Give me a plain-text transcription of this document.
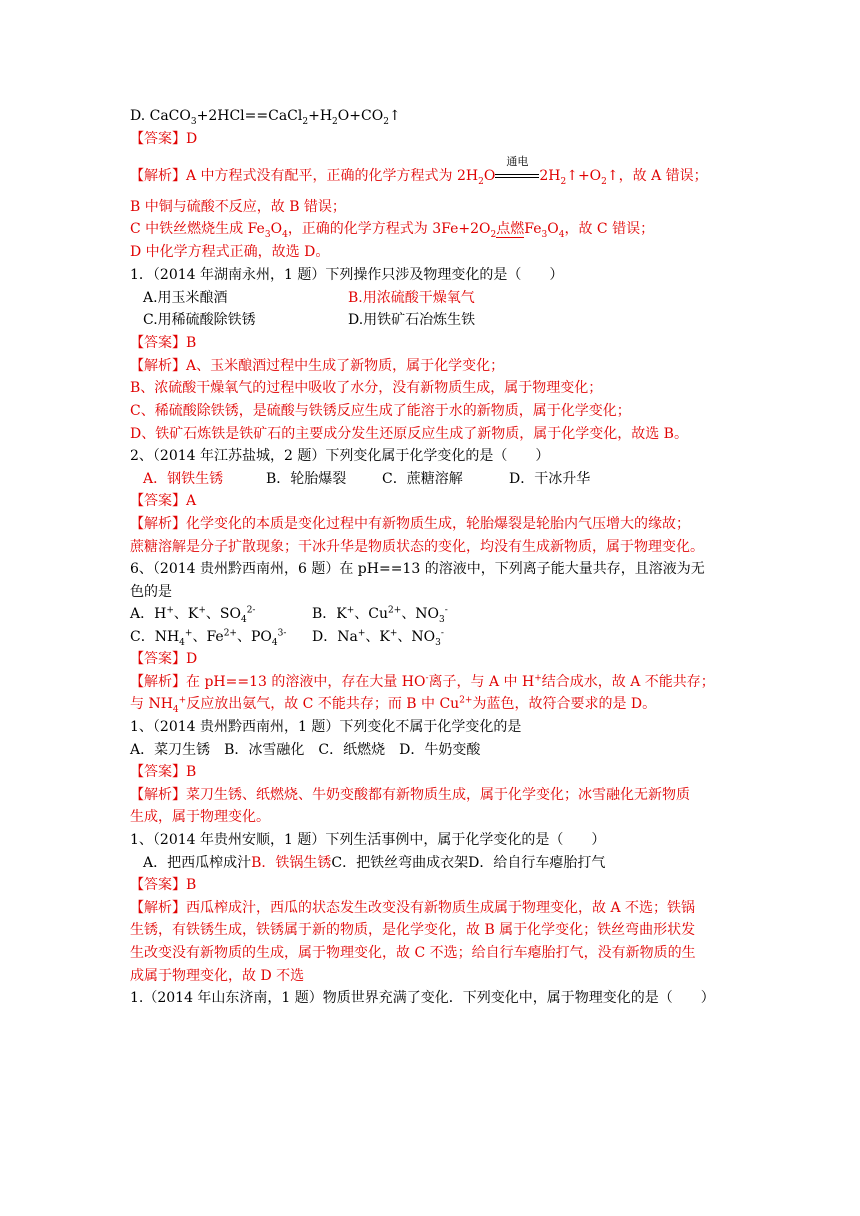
D. $CaCO_3+2HCl==CaCl_2+H_2O+CO_2↑$
【答案】D
【解析】A 中方程式没有配平，正确的化学方程式为 $2H_2O$
通电
$2H_2↑+O_2↑$，故 A 错误；
B 中铜与硫酸不反应，故 B 错误；
C 中铁丝燃烧生成 $Fe_3O_4$，正确的化学方程式为 $3Fe+2O_2$点燃$Fe_3O_4$，故 C 错误；
D 中化学方程式正确，故选 D。
1．（2014 年湖南永州，1 题）下列操作只涉及物理变化的是（　　）
A.用玉米酿酒	B.用浓硫酸干燥氧气
C.用稀硫酸除铁锈	D.用铁矿石冶炼生铁
【答案】B
【解析】A、玉米酿酒过程中生成了新物质，属于化学变化；
B、浓硫酸干燥氧气的过程中吸收了水分，没有新物质生成，属于物理变化；
C、稀硫酸除铁锈，是硫酸与铁锈反应生成了能溶于水的新物质，属于化学变化；
D、铁矿石炼铁是铁矿石的主要成分发生还原反应生成了新物质，属于化学变化，故选 B。
2、（2014 年江苏盐城，2 题）下列变化属于化学变化的是（　　）
A．钢铁生锈	B．轮胎爆裂	C．蔗糖溶解	D．干冰升华
【答案】A
【解析】化学变化的本质是变化过程中有新物质生成，轮胎爆裂是轮胎内气压增大的缘故；
蔗糖溶解是分子扩散现象；干冰升华是物质状态的变化，均没有生成新物质，属于物理变化。
6、（2014 贵州黔西南州，6 题）在 pH==13 的溶液中，下列离子能大量共存，且溶液为无
色的是
A．H+、K+、$SO_4^{2-}$	B．K+、$Cu^{2+}$、$NO_3^-$
C．$NH_4^+$、$Fe^{2+}$、$PO_4^{3-}$ D．Na+、K+、$NO_3^-$
【答案】D
【解析】在 pH==13 的溶液中，存在大量 HO-离子，与 A 中 H+结合成水，故 A 不能共存；
与 $NH_4^+$反应放出氨气，故 C 不能共存；而 B 中 $Cu^{2+}$为蓝色，故符合要求的是 D。
1、（2014 贵州黔西南州，1 题）下列变化不属于化学变化的是
A．菜刀生锈　B．冰雪融化　C．纸燃烧　D．牛奶变酸
【答案】B
【解析】菜刀生锈、纸燃烧、牛奶变酸都有新物质生成，属于化学变化；冰雪融化无新物质
生成，属于物理变化。
1、（2014 年贵州安顺，1 题）下列生活事例中，属于化学变化的是（　　）
A．把西瓜榨成汁B．铁锅生锈C．把铁丝弯曲成衣架D．给自行车瘪胎打气
【答案】B
【解析】西瓜榨成汁，西瓜的状态发生改变没有新物质生成属于物理变化，故 A 不选；铁锅
生锈，有铁锈生成，铁锈属于新的物质，是化学变化，故 B 属于化学变化；铁丝弯曲形状发
生改变没有新物质的生成，属于物理变化，故 C 不选；给自行车瘪胎打气，没有新物质的生
成属于物理变化，故 D 不选
1.（2014 年山东济南，1 题）物质世界充满了变化．下列变化中，属于物理变化的是（　　）
